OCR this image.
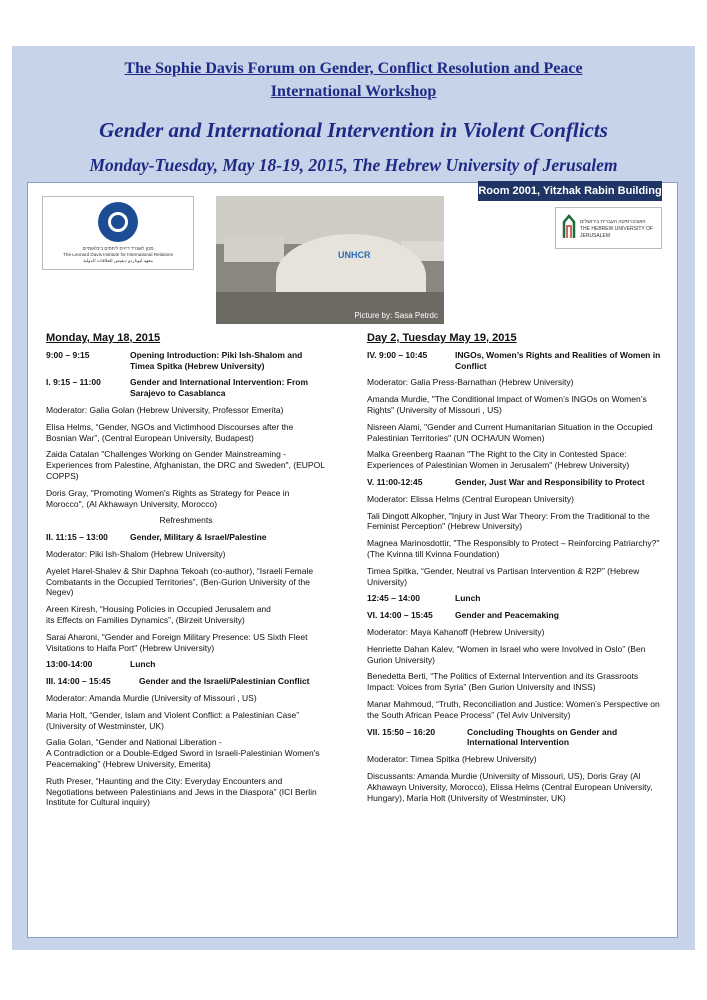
The Sophie Davis Forum on Gender, Conflict Resolution and Peace
International Workshop
Gender and International Intervention in Violent Conflicts
Monday-Tuesday, May 18-19, 2015, The Hebrew University of Jerusalem
Room 2001, Yitzhak Rabin Building
מכון לאונרד דייויס ליחסים בינלאומיים
The Leonard Davis Institute for International Relations
معهد ليوناردو ديفيس للعلاقات الدولية
UNHCR
Picture by: Sasa Petrdc
האוניברסיטה העברית בירושלים
THE HEBREW UNIVERSITY OF JERUSALEM
Monday, May 18, 2015
9:00 – 9:15	Opening Introduction: Piki Ish-Shalom and Timea Spitka (Hebrew University)
I. 9:15 – 11:00	Gender and International Intervention: From Sarajevo to Casablanca
Moderator: Galia Golan (Hebrew University, Professor Emerita)
Elisa Helms, “Gender, NGOs and Victimhood Discourses after the Bosnian War”, (Central European University, Budapest)
Zaida Catalan "Challenges Working on Gender Mainstreaming - Experiences from Palestine, Afghanistan, the DRC and Sweden", (EUPOL COPPS)
Doris Gray, "Promoting Women's Rights as Strategy for Peace in Morocco", (Al Akhawayn University, Morocco)
Refreshments
II. 11:15 – 13:00	Gender, Military & Israel/Palestine
Moderator: Piki Ish-Shalom (Hebrew University)
Ayelet Harel-Shalev & Shir Daphna Tekoah (co-author), “Israeli Female Combatants in the Occupied Territories”, (Ben-Gurion University of the Negev)
Areen Kiresh, “Housing Policies in Occupied Jerusalem and
its Effects on Families Dynamics”, (Birzeit University)
Sarai Aharoni, "Gender and Foreign Military Presence: US Sixth Fleet Visitations to Haifa Port" (Hebrew University)
13:00-14:00	Lunch
III. 14:00 – 15:45	Gender and the Israeli/Palestinian Conflict
Moderator: Amanda Murdie (University of Missouri , US)
Maria Holt, “Gender, Islam and Violent Conflict: a Palestinian Case” (University of Westminster, UK)
Galia Golan, “Gender and National Liberation -
A Contradiction or a Double-Edged Sword in Israeli-Palestinian Women's Peacemaking” (Hebrew University, Emerita)
Ruth Preser, “Haunting and the City: Everyday Encounters and Negotiations between Palestinians and Jews in the Diaspora” (ICI Berlin Institute for Cultural inquiry)
Day 2, Tuesday May 19, 2015
IV. 9:00 – 10:45	INGOs, Women’s Rights and Realities of Women in Conflict
Moderator: Galia Press-Barnathan (Hebrew University)
Amanda Murdie, "The Conditional Impact of Women’s INGOs on Women’s Rights" (University of Missouri , US)
Nisreen Alami, "Gender and Current Humanitarian Situation in the Occupied Palestinian Territories" (UN OCHA/UN Women)
Malka Greenberg Raanan "The Right to the City in Contested Space: Experiences of Palestinian Women in Jerusalem" (Hebrew University)
V. 11:00-12:45	Gender, Just War and Responsibility to Protect
Moderator: Elissa Helms (Central European University)
Tali Dingott Alkopher, "Injury in Just War Theory: From the Traditional to the Feminist Perception" (Hebrew University)
Magnea Marinosdottir, "The Responsibly to Protect – Reinforcing Patriarchy?" (The Kvinna till Kvinna Foundation)
Timea Spitka, “Gender, Neutral vs Partisan Intervention & R2P” (Hebrew University)
12:45 – 14:00	Lunch
VI. 14:00 – 15:45	Gender and Peacemaking
Moderator: Maya Kahanoff (Hebrew University)
Henriette Dahan Kalev, “Women in Israel who were Involved in Oslo” (Ben Gurion University)
Benedetta Berti, “The Politics of External Intervention and its Grassroots Impact: Voices from Syria” (Ben Gurion University and INSS)
Manar Mahmoud, “Truth, Reconciliation and Justice: Women’s Perspective on the South African Peace Process” (Tel Aviv University)
VII. 15:50 – 16:20	Concluding Thoughts on Gender and International Intervention
Moderator: Timea Spitka (Hebrew University)
Discussants: Amanda Murdie (University of Missouri, US), Doris Gray (Al Akhawayn University, Morocco), Elissa Helms (Central European University, Hungary), Maria Holt (University of Westminster, UK)
